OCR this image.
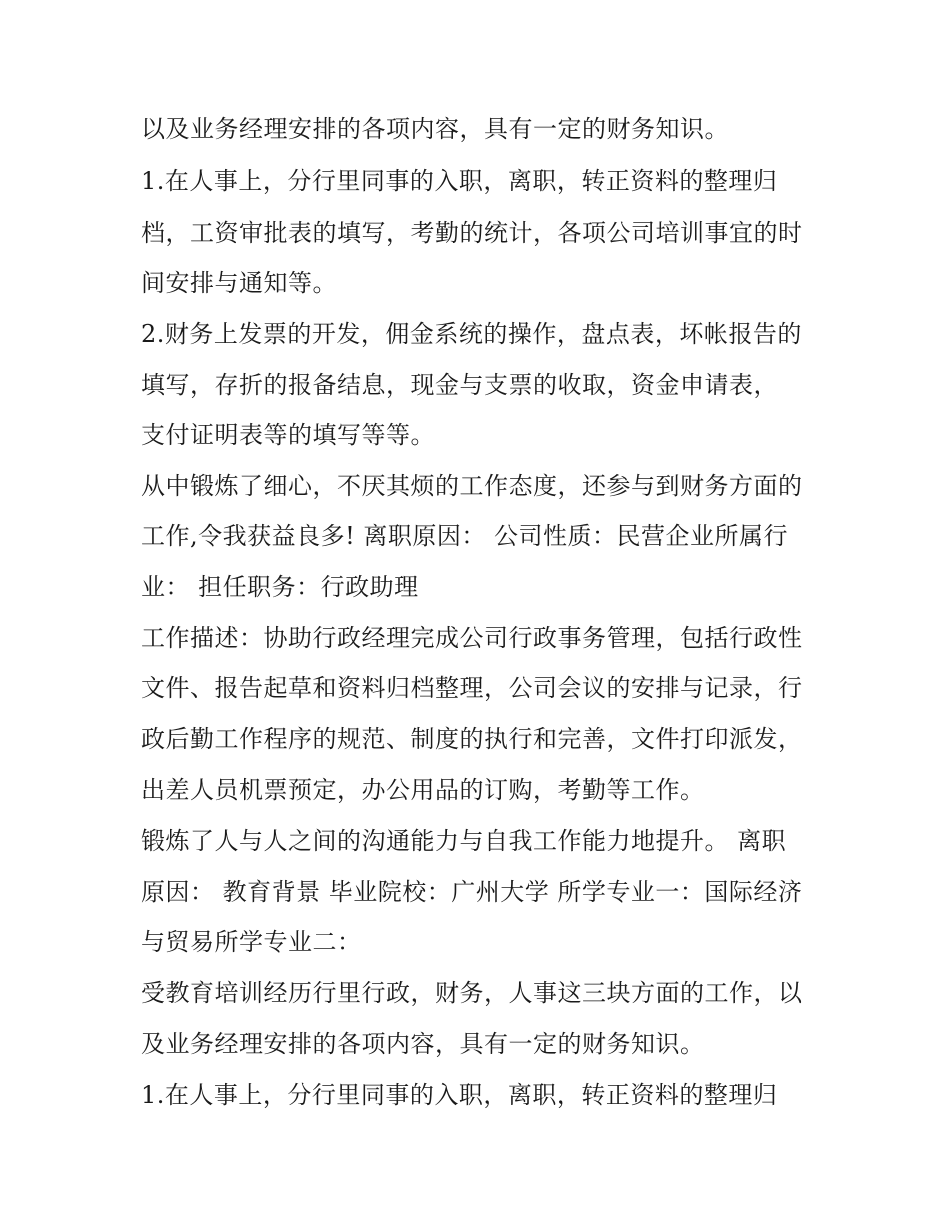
以及业务经理安排的各项内容，具有一定的财务知识。
1.在人事上，分行里同事的入职，离职，转正资料的整理归
档，工资审批表的填写，考勤的统计，各项公司培训事宜的时
间安排与通知等。
2.财务上发票的开发，佣金系统的操作，盘点表，坏帐报告的
填写，存折的报备结息，现金与支票的收取，资金申请表，
支付证明表等的填写等等。
从中锻炼了细心，不厌其烦的工作态度，还参与到财务方面的
工作,令我获益良多! 离职原因： 公司性质：民营企业所属行
业： 担任职务：行政助理
工作描述：协助行政经理完成公司行政事务管理，包括行政性
文件、报告起草和资料归档整理，公司会议的安排与记录，行
政后勤工作程序的规范、制度的执行和完善，文件打印派发，
出差人员机票预定，办公用品的订购，考勤等工作。
锻炼了人与人之间的沟通能力与自我工作能力地提升。 离职
原因： 教育背景 毕业院校：广州大学 所学专业一：国际经济
与贸易所学专业二：
受教育培训经历行里行政，财务，人事这三块方面的工作，以
及业务经理安排的各项内容，具有一定的财务知识。
1.在人事上，分行里同事的入职，离职，转正资料的整理归
